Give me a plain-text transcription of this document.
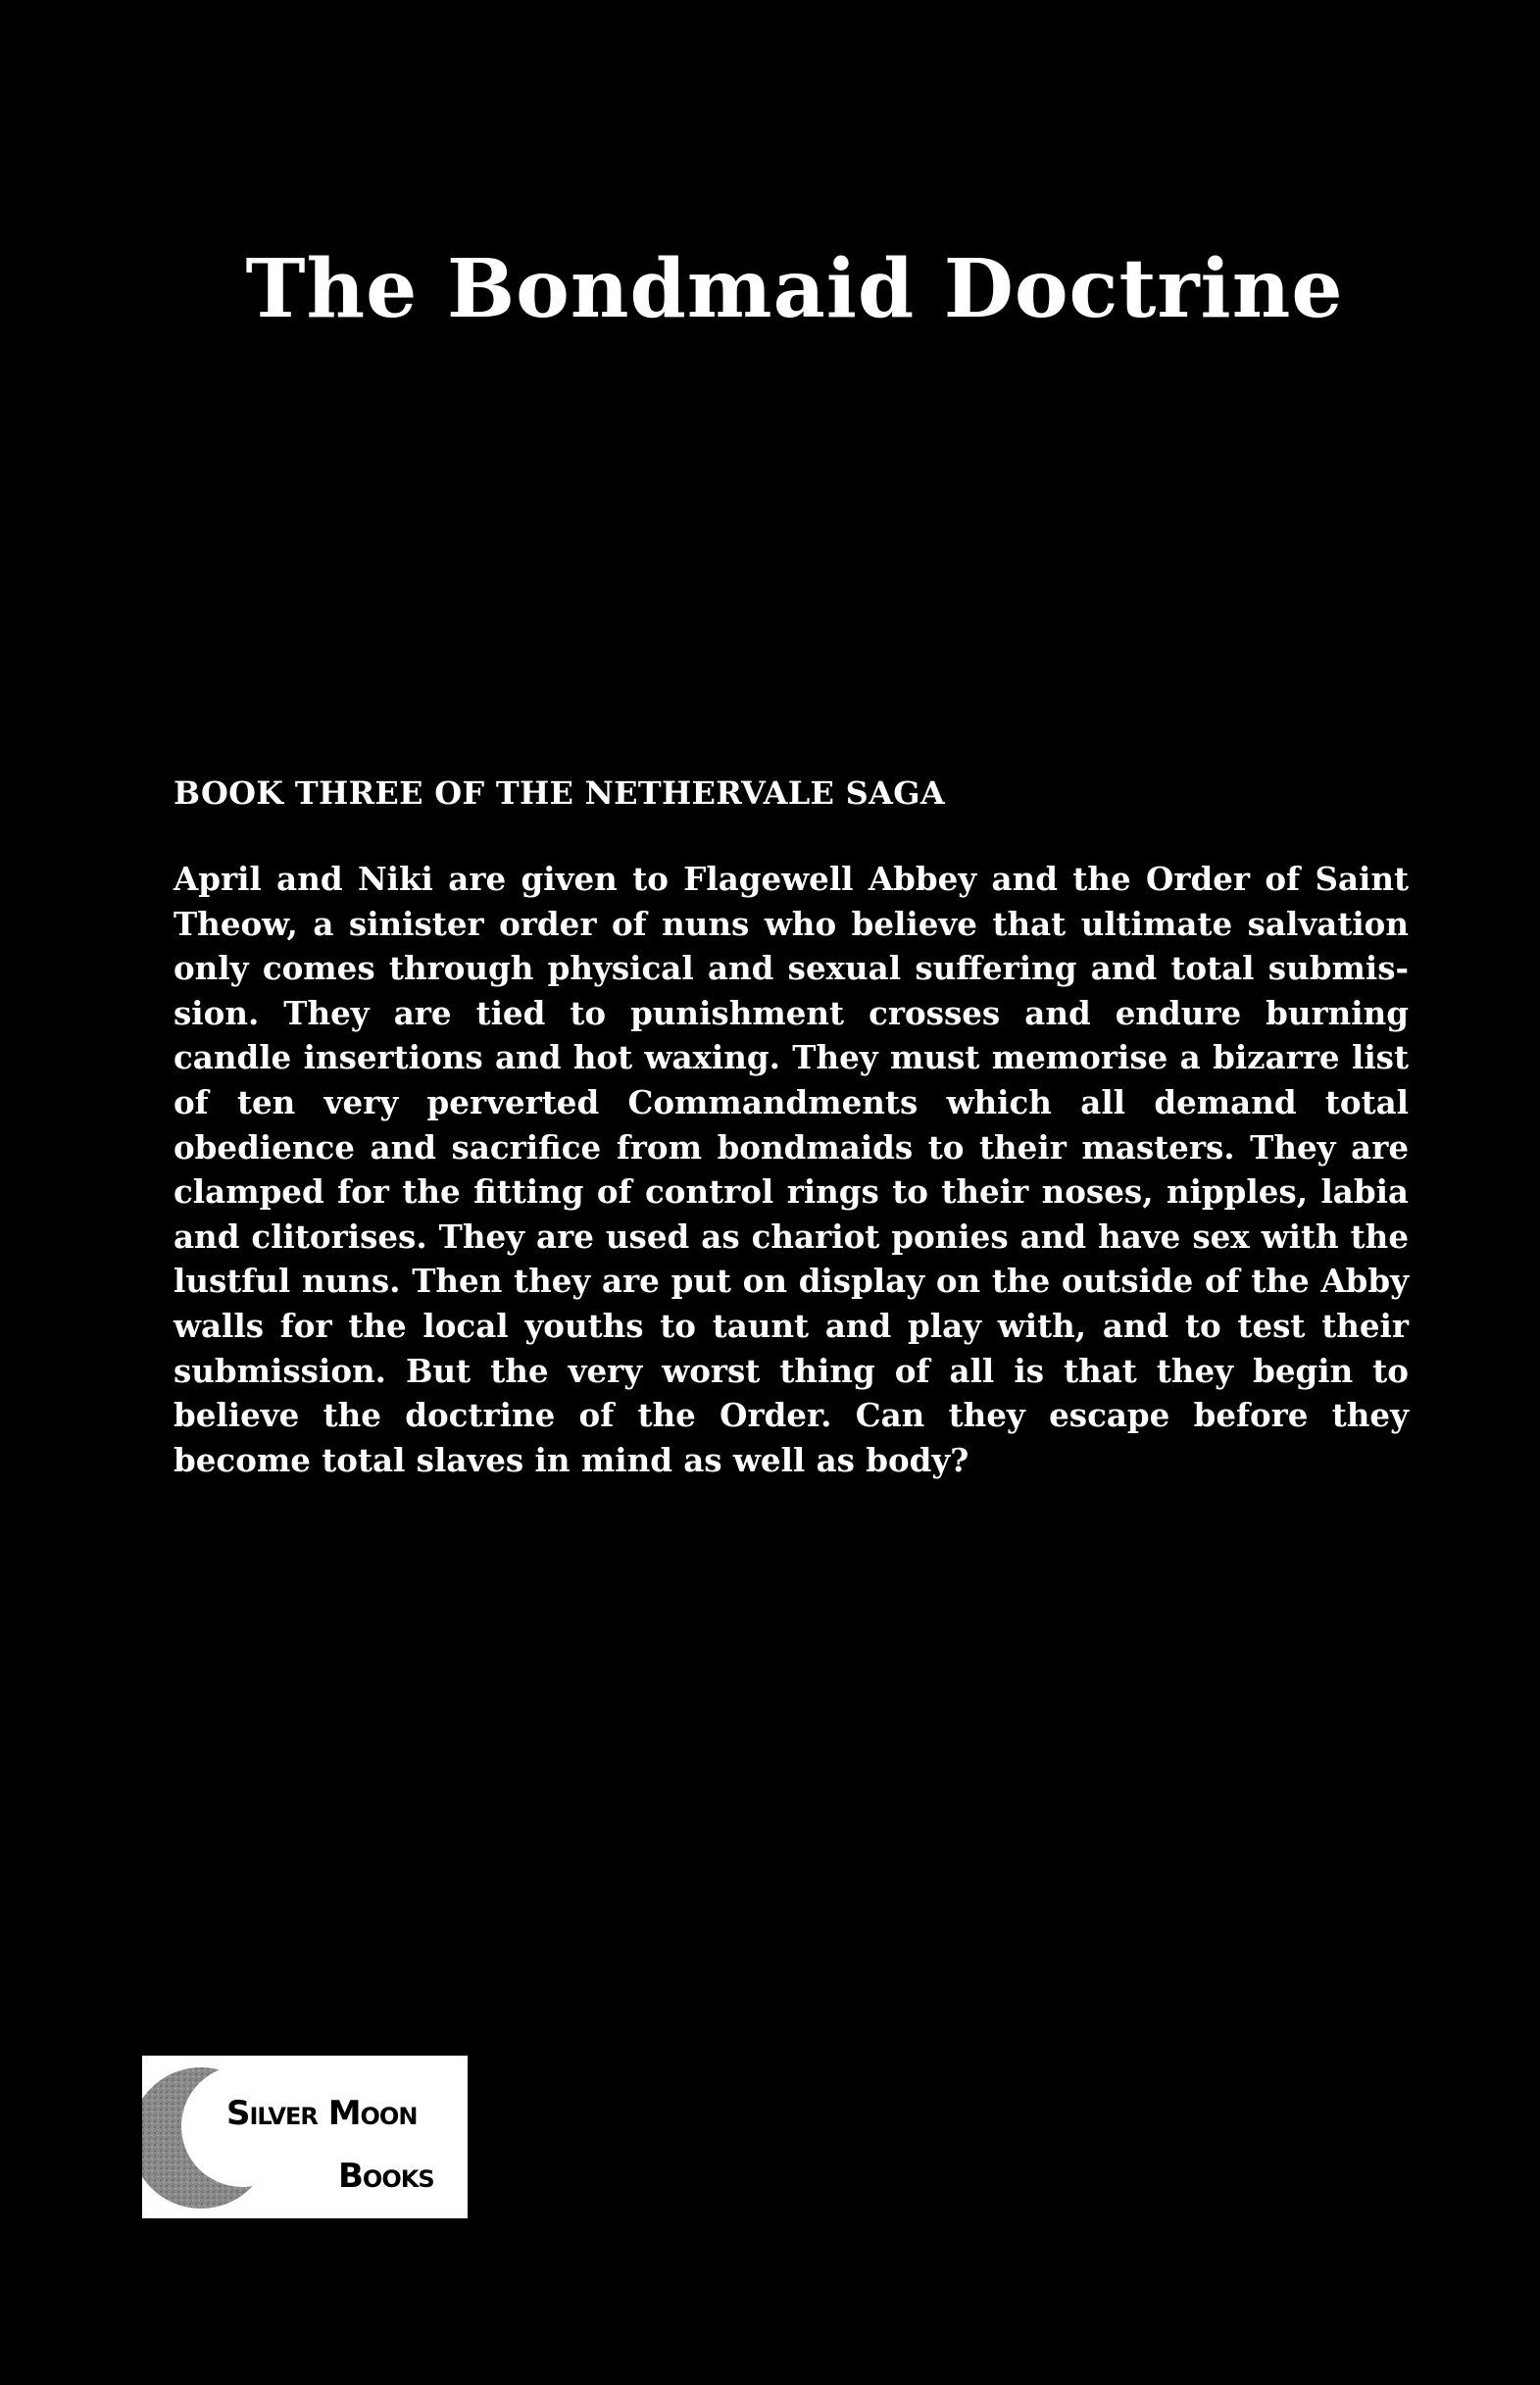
The Bondmaid Doctrine

BOOK THREE OF THE NETHERVALE SAGA

April and Niki are given to Flagewell Abbey and the Order of Saint Theow, a sinister order of nuns who believe that ultimate salvation only comes through physical and sexual suffering and total submission. They are tied to punishment crosses and endure burning candle insertions and hot waxing. They must memorise a bizarre list of ten very perverted Commandments which all demand total obedience and sacrifice from bondmaids to their masters. They are clamped for the fitting of control rings to their noses, nipples, labia and clitorises. They are used as chariot ponies and have sex with the lustful nuns. Then they are put on display on the outside of the Abby walls for the local youths to taunt and play with, and to test their submission. But the very worst thing of all is that they begin to believe the doctrine of the Order. Can they escape before they become total slaves in mind as well as body?

Silver Moon

Books
